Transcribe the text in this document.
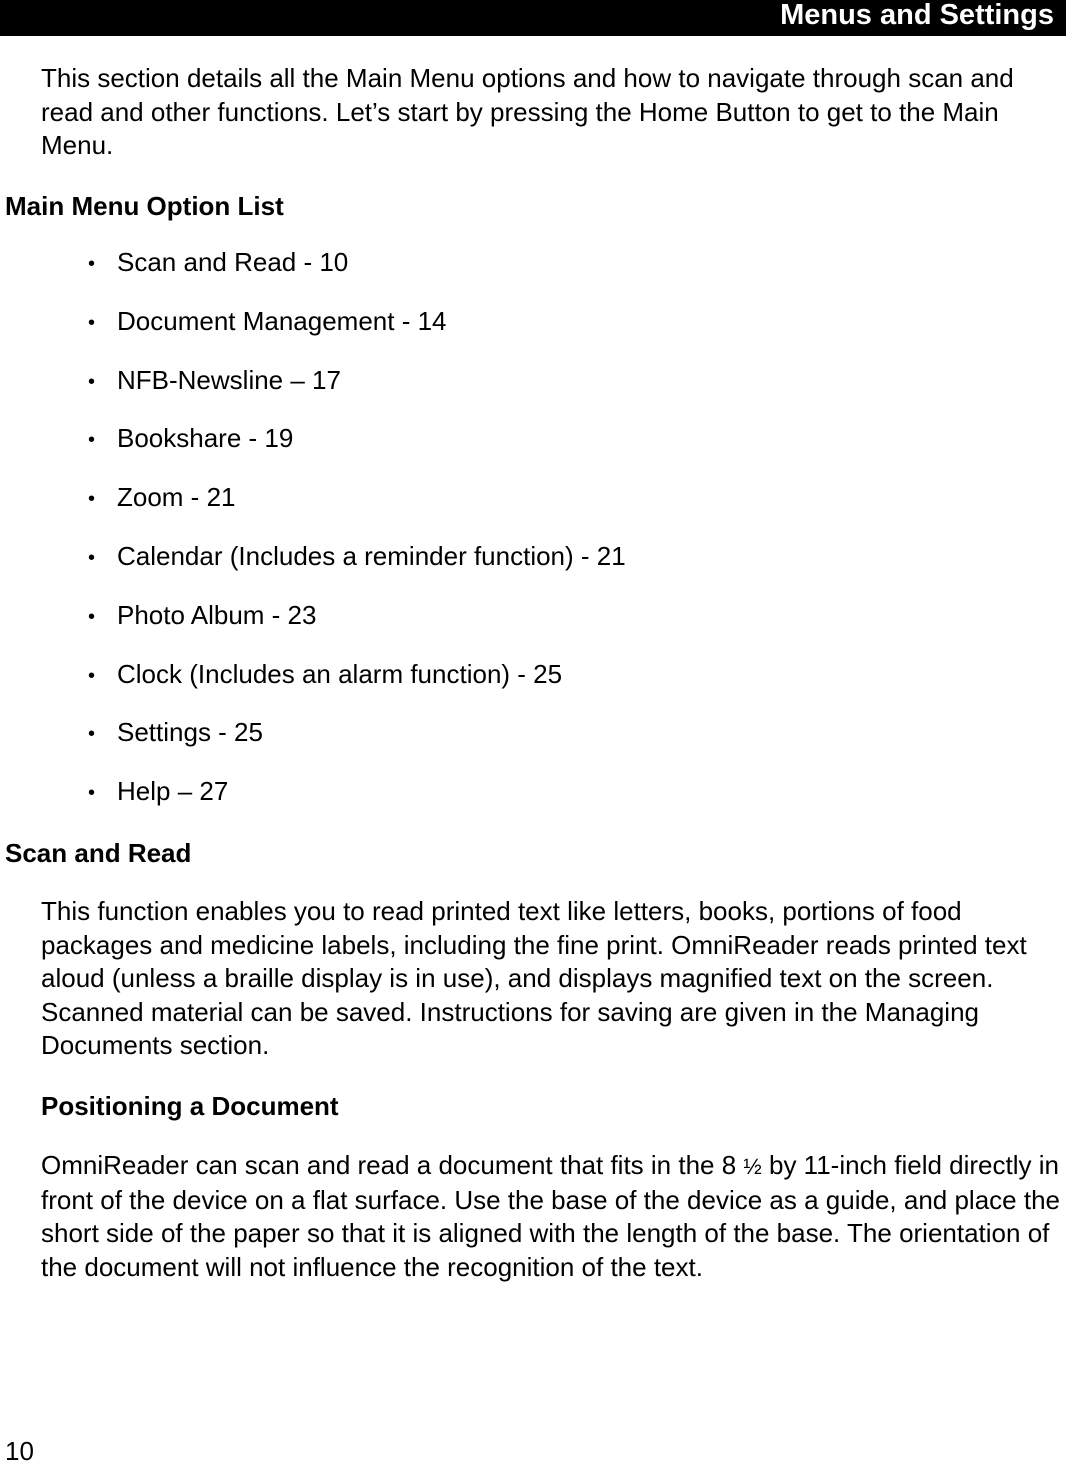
Menus and Settings

This section details all the Main Menu options and how to navigate through scan and read and other functions. Let’s start by pressing the Home Button to get to the Main Menu.

Main Menu Option List
• Scan and Read - 10
• Document Management - 14
• NFB-Newsline – 17
• Bookshare - 19
• Zoom - 21
• Calendar (Includes a reminder function) - 21
• Photo Album - 23
• Clock (Includes an alarm function) - 25
• Settings - 25
• Help – 27
Scan and Read

This function enables you to read printed text like letters, books, portions of food packages and medicine labels, including the fine print. OmniReader reads printed text aloud (unless a braille display is in use), and displays magnified text on the screen. Scanned material can be saved. Instructions for saving are given in the Managing Documents section.

Positioning a Document

OmniReader can scan and read a document that fits in the 8 ½ by 11-inch field directly in front of the device on a flat surface. Use the base of the device as a guide, and place the short side of the paper so that it is aligned with the length of the base. The orientation of the document will not influence the recognition of the text.

10
